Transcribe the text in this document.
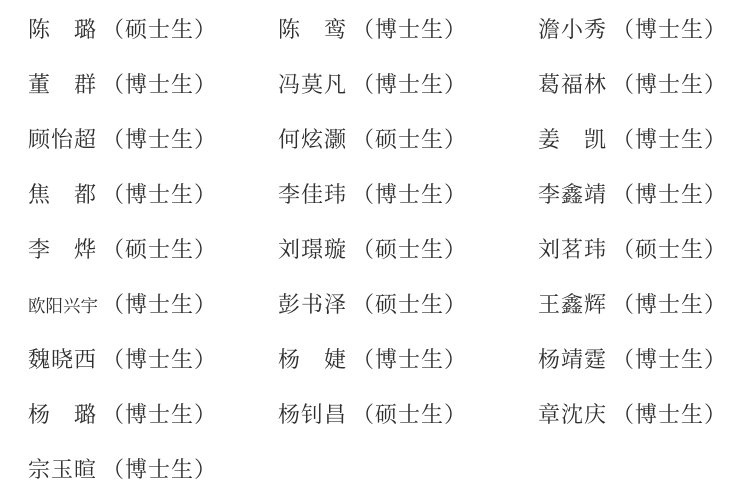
陈　璐 （硕士生）	陈　鸾 （博士生）	澹小秀 （博士生）
董　群 （博士生）	冯莫凡 （博士生）	葛福林 （博士生）
顾怡超 （博士生）	何炫灏 （硕士生）	姜　凯 （博士生）
焦　都 （博士生）	李佳玮 （博士生）	李鑫靖 （博士生）
李　烨 （硕士生）	刘璟璇 （硕士生）	刘茗玮 （硕士生）
欧阳兴宇 （博士生）	彭书泽 （硕士生）	王鑫辉 （博士生）
魏晓西 （博士生）	杨　婕 （博士生）	杨靖霆 （博士生）
杨　璐 （博士生）	杨钊昌 （硕士生）	章沈庆 （博士生）
宗玉暄 （博士生）
